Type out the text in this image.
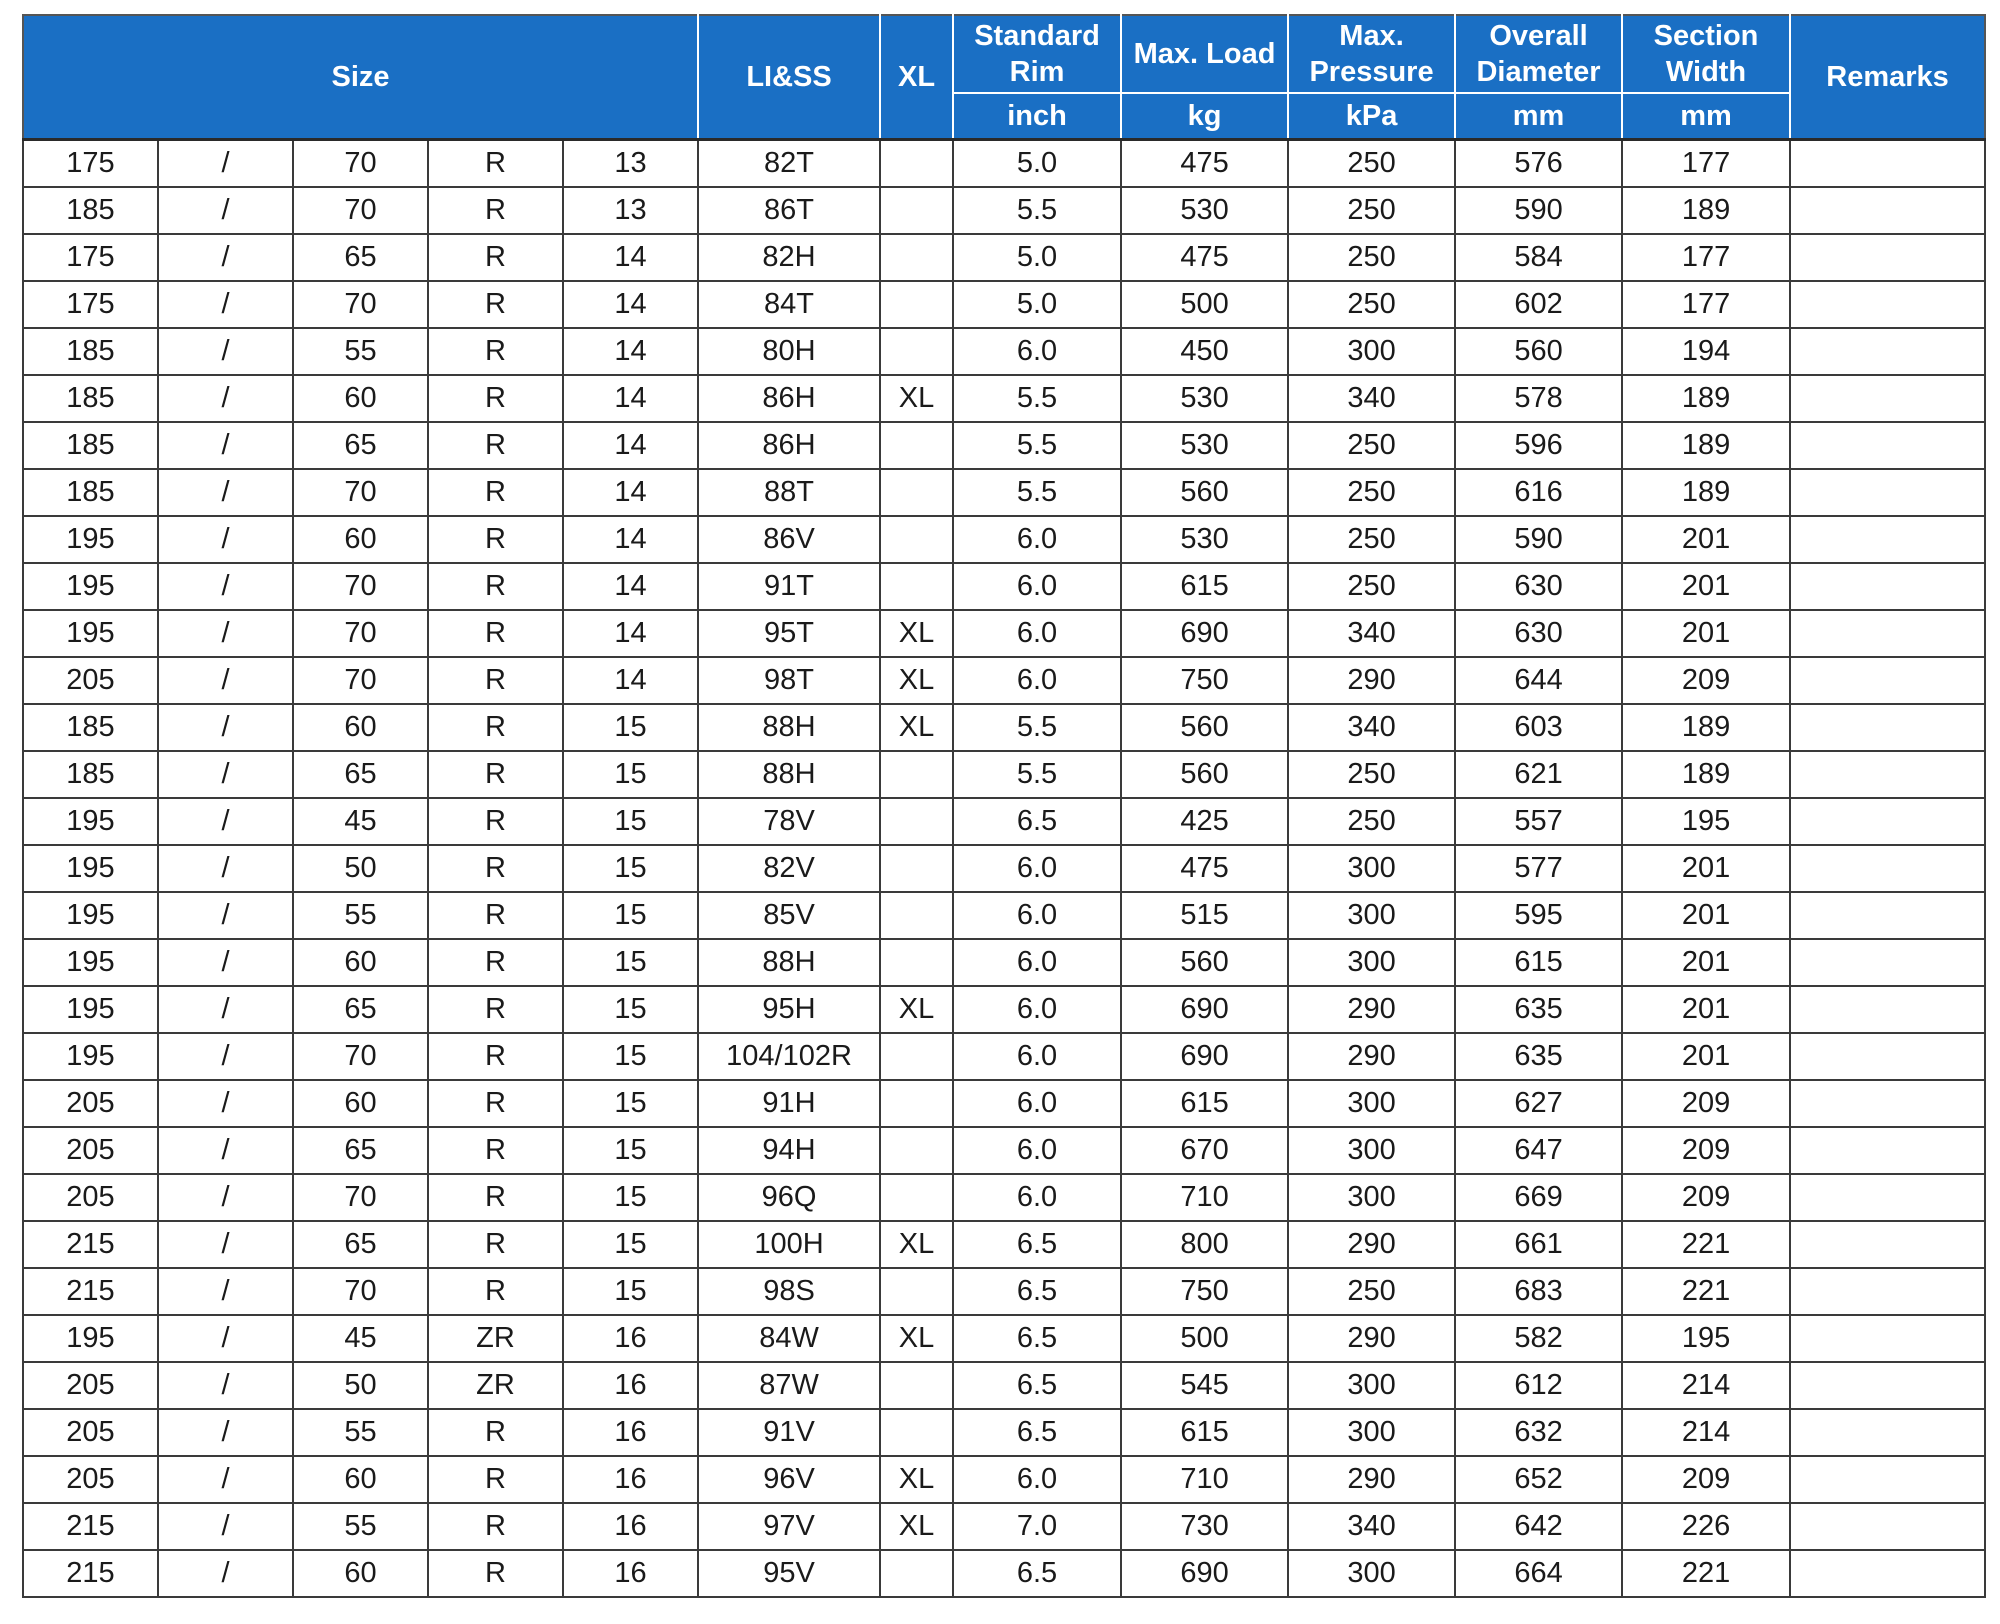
Size					LI&SS	XL	Standard Rim	Max. Load	Max. Pressure	Overall Diameter	Section Width	Remarks
							inch	kg	kPa	mm	mm	
175	/	70	R	13	82T		5.0	475	250	576	177	
185	/	70	R	13	86T		5.5	530	250	590	189	
175	/	65	R	14	82H		5.0	475	250	584	177	
175	/	70	R	14	84T		5.0	500	250	602	177	
185	/	55	R	14	80H		6.0	450	300	560	194	
185	/	60	R	14	86H	XL	5.5	530	340	578	189	
185	/	65	R	14	86H		5.5	530	250	596	189	
185	/	70	R	14	88T		5.5	560	250	616	189	
195	/	60	R	14	86V		6.0	530	250	590	201	
195	/	70	R	14	91T		6.0	615	250	630	201	
195	/	70	R	14	95T	XL	6.0	690	340	630	201	
205	/	70	R	14	98T	XL	6.0	750	290	644	209	
185	/	60	R	15	88H	XL	5.5	560	340	603	189	
185	/	65	R	15	88H		5.5	560	250	621	189	
195	/	45	R	15	78V		6.5	425	250	557	195	
195	/	50	R	15	82V		6.0	475	300	577	201	
195	/	55	R	15	85V		6.0	515	300	595	201	
195	/	60	R	15	88H		6.0	560	300	615	201	
195	/	65	R	15	95H	XL	6.0	690	290	635	201	
195	/	70	R	15	104/102R		6.0	690	290	635	201	
205	/	60	R	15	91H		6.0	615	300	627	209	
205	/	65	R	15	94H		6.0	670	300	647	209	
205	/	70	R	15	96Q		6.0	710	300	669	209	
215	/	65	R	15	100H	XL	6.5	800	290	661	221	
215	/	70	R	15	98S		6.5	750	250	683	221	
195	/	45	ZR	16	84W	XL	6.5	500	290	582	195	
205	/	50	ZR	16	87W		6.5	545	300	612	214	
205	/	55	R	16	91V		6.5	615	300	632	214	
205	/	60	R	16	96V	XL	6.0	710	290	652	209	
215	/	55	R	16	97V	XL	7.0	730	340	642	226	
215	/	60	R	16	95V		6.5	690	300	664	221	
